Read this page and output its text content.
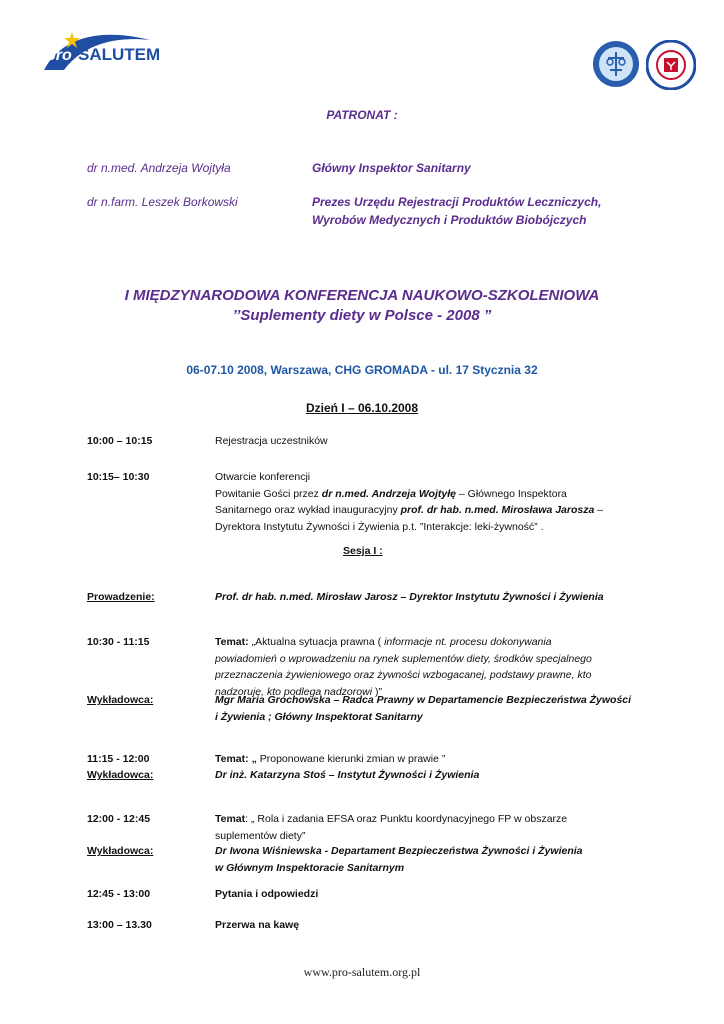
pro SALUTEM
PATRONAT :
dr n.med. Andrzeja Wojtyła	Główny Inspektor Sanitarny
dr n.farm. Leszek Borkowski	Prezes Urzędu Rejestracji Produktów Leczniczych,
Wyrobów Medycznych i Produktów Biobójczych
I MIĘDZYNARODOWA KONFERENCJA NAUKOWO-SZKOLENIOWA
’’Suplementy diety w Polsce - 2008 ”
06-07.10 2008, Warszawa, CHG GROMADA - ul. 17 Stycznia 32
Dzień I – 06.10.2008
10:00 – 10:15	Rejestracja uczestników
10:15– 10:30	Otwarcie konferencji
Powitanie Gości przez dr n.med. Andrzeja Wojtyłę – Głównego Inspektora
Sanitarnego oraz wykład inauguracyjny prof. dr hab. n.med. Mirosława Jarosza –
Dyrektora Instytutu Żywności i Żywienia p.t. ”Interakcje: leki-żywność” .
Sesja I :
Prowadzenie:	Prof. dr hab. n.med. Mirosław Jarosz – Dyrektor Instytutu Żywności i Żywienia
10:30 - 11:15	Temat: „Aktualna sytuacja prawna ( informacje nt. procesu dokonywania
powiadomień o wprowadzeniu na rynek suplementów diety, środków specjalnego
przeznaczenia żywieniowego oraz żywności wzbogacanej, podstawy prawne, kto
nadzoruje, kto podlega nadzorowi )”
Wykładowca:	Mgr Maria Grochowska – Radca Prawny w Departamencie Bezpieczeństwa Żywości
i Żywienia ; Główny Inspektorat Sanitarny
11:15 - 12:00	Temat: „ Proponowane kierunki zmian w prawie ”
Wykładowca:	Dr inż. Katarzyna Stoś – Instytut Żywności i Żywienia
12:00 - 12:45	Temat: „ Rola i zadania EFSA oraz Punktu koordynacyjnego FP w obszarze
suplementów diety”
Wykładowca:	Dr Iwona Wiśniewska - Departament Bezpieczeństwa Żywności i Żywienia
w Głównym Inspektoracie Sanitarnym
12:45 - 13:00	Pytania i odpowiedzi
13:00 – 13.30	Przerwa na kawę
www.pro-salutem.org.pl
